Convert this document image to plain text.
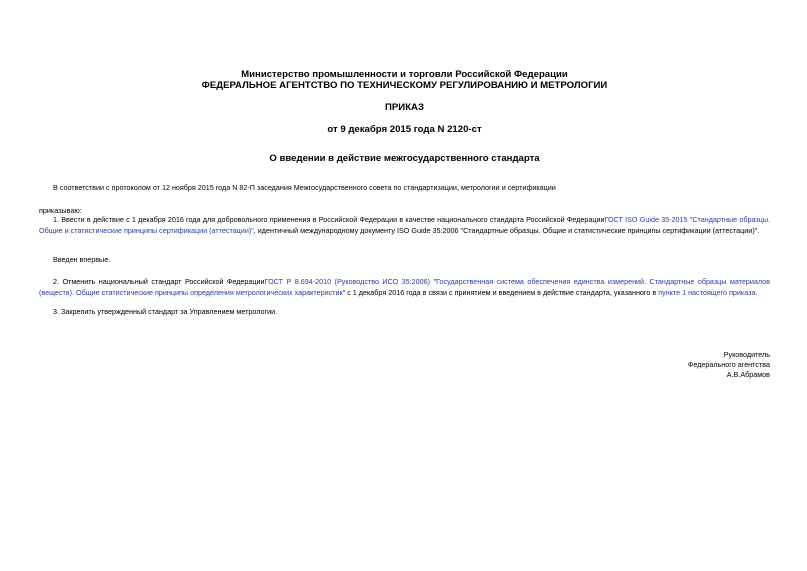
Министерство промышленности и торговли Российской Федерации
ФЕДЕРАЛЬНОЕ АГЕНТСТВО ПО ТЕХНИЧЕСКОМУ РЕГУЛИРОВАНИЮ И МЕТРОЛОГИИ
ПРИКАЗ
от 9 декабря 2015 года N 2120-ст
О введении в действие межгосударственного стандарта
В соответствии с протоколом от 12 ноября 2015 года N 82-П заседания Межгосударственного совета по стандартизации, метрологии и сертификации
приказываю:
1. Ввести в действие с 1 декабря 2016 года для добровольного применения в Российской Федерации в качестве национального стандарта Российской ФедерацииГОСТ ISO Guide 35-2015 "Стандартные образцы. Общие и статистические принципы сертификации (аттестации)", идентичный международному документу ISO Guide 35:2006 "Стандартные образцы. Общие и статистические принципы сертификации (аттестации)".
Введен впервые.
2. Отменить национальный стандарт Российской ФедерацииГОСТ Р 8.694-2010 (Руководство ИСО 35:2006) "Государственная система обеспечения единства измерений. Стандартные образцы материалов (веществ). Общие статистические принципы определения метрологических характеристик" с 1 декабря 2016 года в связи с принятием и введением в действие стандарта, указанного в пункте 1 настоящего приказа.
3. Закрепить утвержденный стандарт за Управлением метрологии.
Руководитель
Федерального агентства
А.В.Абрамов
